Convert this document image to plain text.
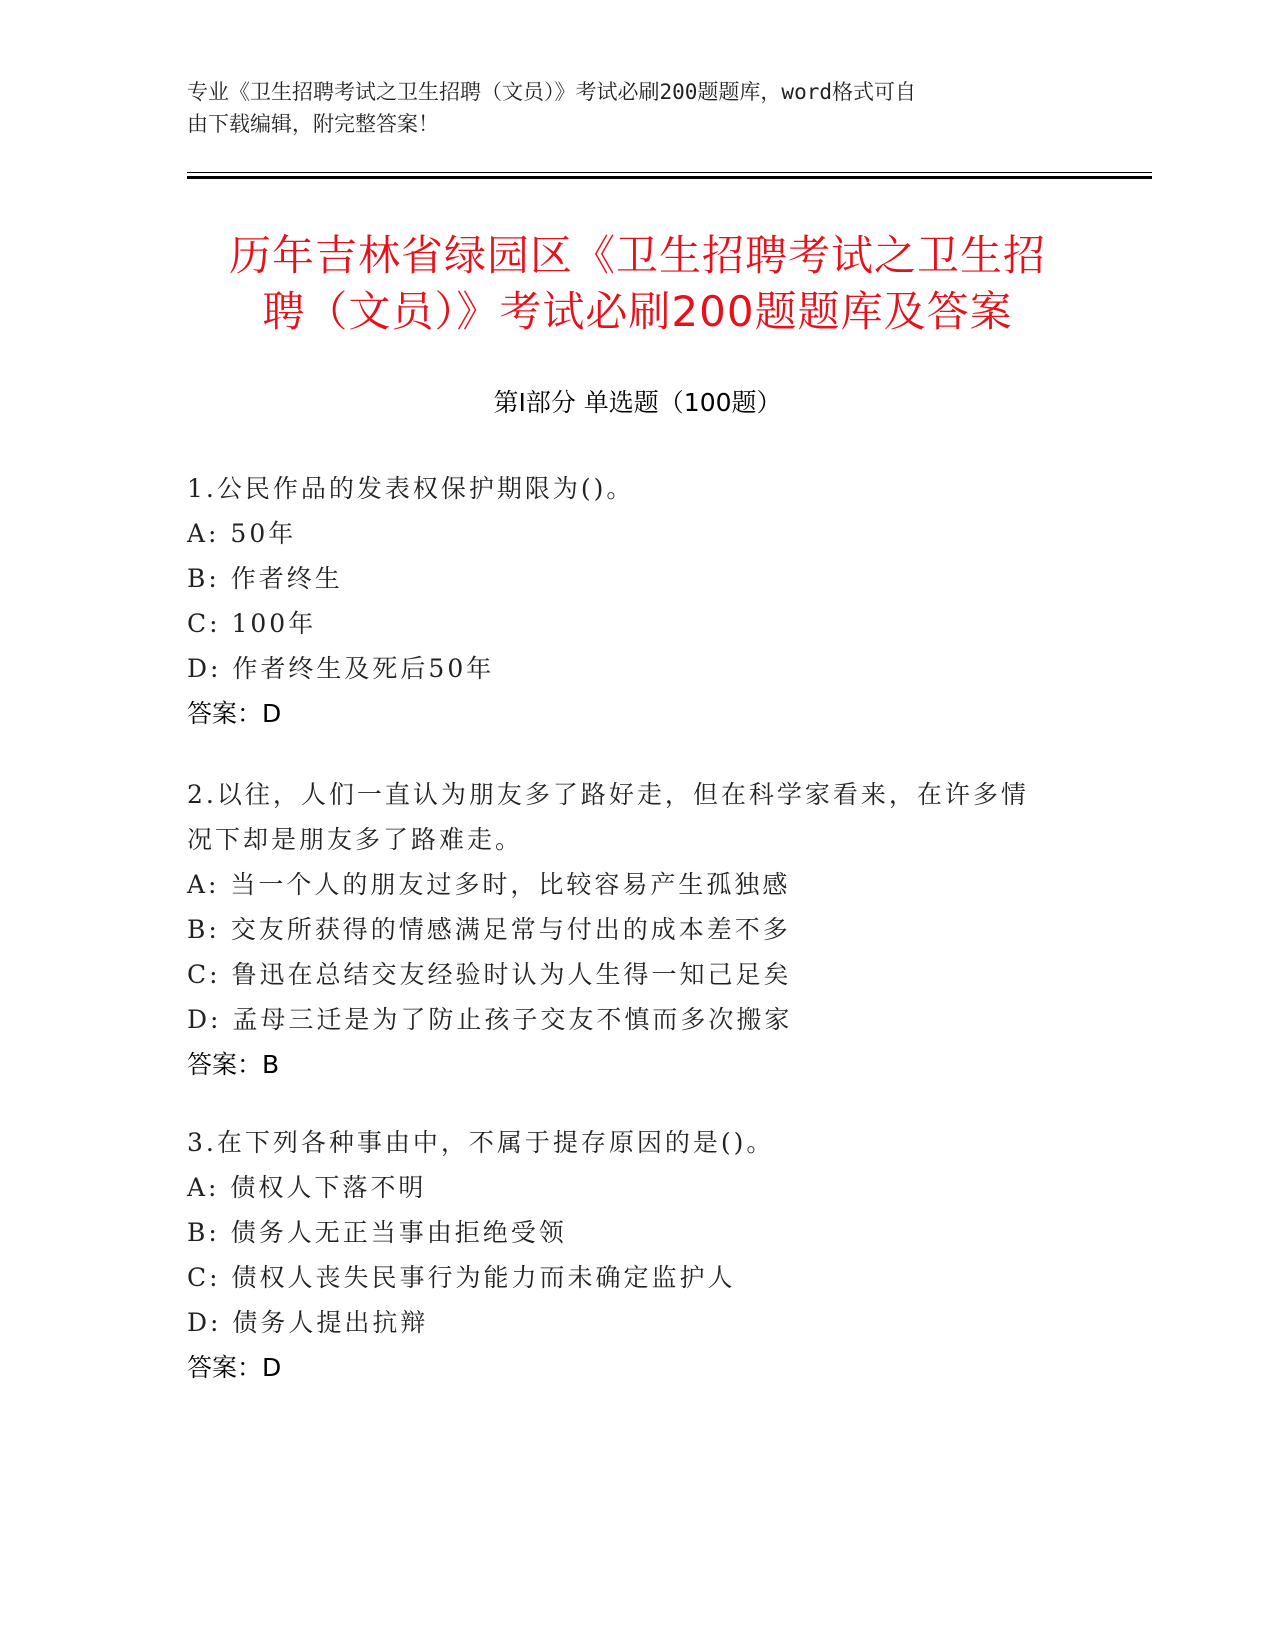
专业《卫生招聘考试之卫生招聘（文员）》考试必刷200题题库，word格式可自
由下载编辑，附完整答案！
历年吉林省绿园区《卫生招聘考试之卫生招
聘（文员）》考试必刷200题题库及答案
第I部分 单选题（100题）
1.公民作品的发表权保护期限为()。
A: 50年
B: 作者终生
C: 100年
D: 作者终生及死后50年
答案：D
2.以往，人们一直认为朋友多了路好走，但在科学家看来，在许多情
况下却是朋友多了路难走。
A: 当一个人的朋友过多时，比较容易产生孤独感
B: 交友所获得的情感满足常与付出的成本差不多
C: 鲁迅在总结交友经验时认为人生得一知己足矣
D: 孟母三迁是为了防止孩子交友不慎而多次搬家
答案：B
3.在下列各种事由中，不属于提存原因的是()。
A: 债权人下落不明
B: 债务人无正当事由拒绝受领
C: 债权人丧失民事行为能力而未确定监护人
D: 债务人提出抗辩
答案：D
